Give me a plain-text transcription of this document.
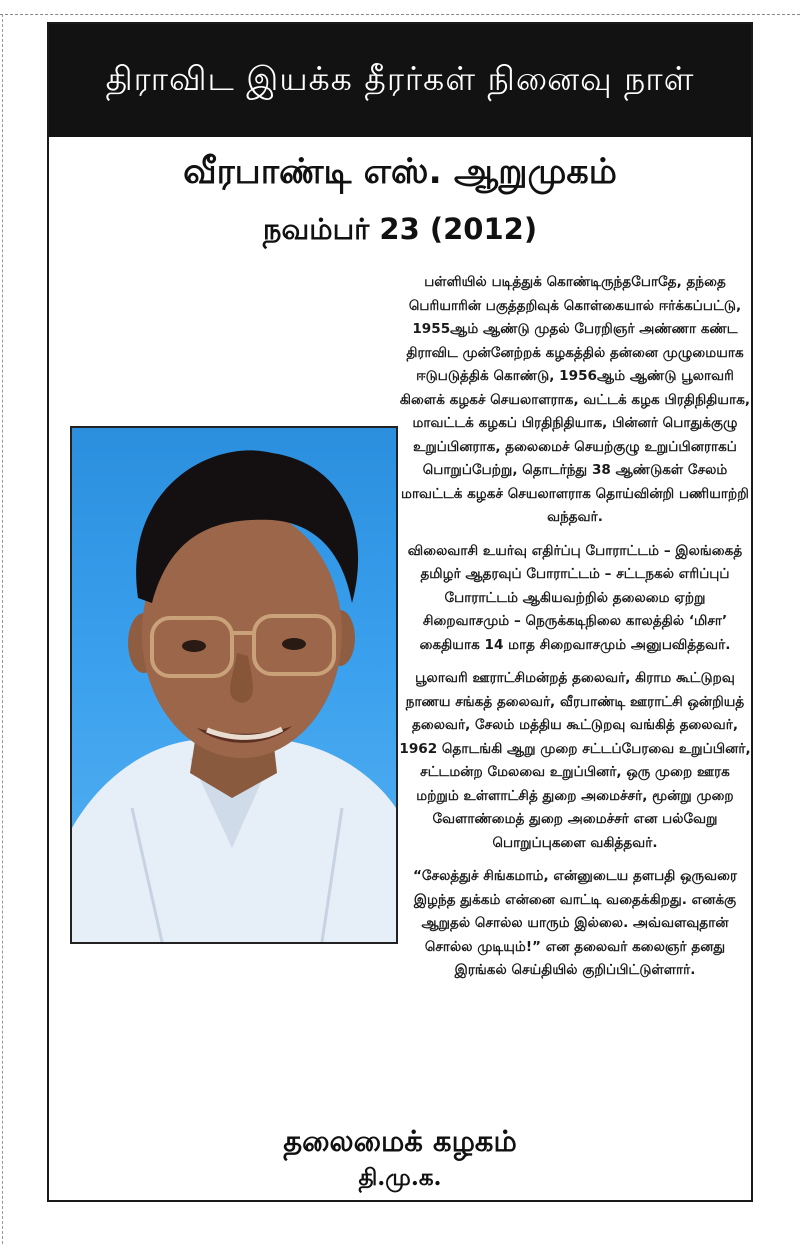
திராவிட இயக்க தீரர்கள் நினைவு நாள்
வீரபாண்டி எஸ். ஆறுமுகம்
நவம்பர் 23 (2012)

பள்ளியில் படித்துக் கொண்டிருந்தபோதே, தந்தை பெரியாரின் பகுத்தறிவுக் கொள்கையால் ஈர்க்கப்பட்டு, 1955ஆம் ஆண்டு முதல் பேரறிஞர் அண்ணா கண்ட திராவிட முன்னேற்றக் கழகத்தில் தன்னை முழுமையாக ஈடுபடுத்திக் கொண்டு, 1956ஆம் ஆண்டு பூலாவரி கிளைக் கழகச் செயலாளராக, வட்டக் கழக பிரதிநிதியாக, மாவட்டக் கழகப் பிரதிநிதியாக, பின்னர் பொதுக்குழு உறுப்பினராக, தலைமைச் செயற்குழு உறுப்பினராகப் பொறுப்பேற்று, தொடர்ந்து 38 ஆண்டுகள் சேலம் மாவட்டக் கழகச் செயலாளராக தொய்வின்றி பணியாற்றி வந்தவர்.

விலைவாசி உயர்வு எதிர்ப்பு போராட்டம் – இலங்கைத் தமிழர் ஆதரவுப் போராட்டம் – சட்டநகல் எரிப்புப் போராட்டம் ஆகியவற்றில் தலைமை ஏற்று சிறைவாசமும் – நெருக்கடிநிலை காலத்தில் ‘மிசா’ கைதியாக 14 மாத சிறைவாசமும் அனுபவித்தவர்.

பூலாவரி ஊராட்சிமன்றத் தலைவர், கிராம கூட்டுறவு நாணய சங்கத் தலைவர், வீரபாண்டி ஊராட்சி ஒன்றியத் தலைவர், சேலம் மத்திய கூட்டுறவு வங்கித் தலைவர், 1962 தொடங்கி ஆறு முறை சட்டப்பேரவை உறுப்பினர், சட்டமன்ற மேலவை உறுப்பினர், ஒரு முறை ஊரக மற்றும் உள்ளாட்சித் துறை அமைச்சர், மூன்று முறை வேளாண்மைத் துறை அமைச்சர் என பல்வேறு பொறுப்புகளை வகித்தவர்.

“சேலத்துச் சிங்கமாம், என்னுடைய தளபதி ஒருவரை இழந்த துக்கம் என்னை வாட்டி வதைக்கிறது. எனக்கு ஆறுதல் சொல்ல யாரும் இல்லை. அவ்வளவுதான் சொல்ல முடியும்!” என தலைவர் கலைஞர் தனது இரங்கல் செய்தியில் குறிப்பிட்டுள்ளார்.

தலைமைக் கழகம்
தி.மு.க.
